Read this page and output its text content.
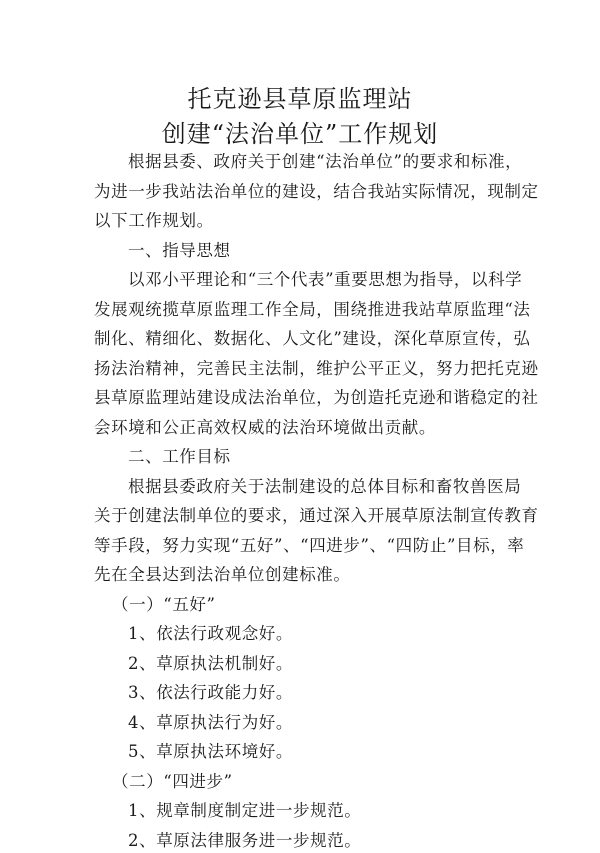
托克逊县草原监理站
创建“法治单位”工作规划
根据县委、政府关于创建“法治单位”的要求和标准，
为进一步我站法治单位的建设，结合我站实际情况，现制定
以下工作规划。
一、指导思想
以邓小平理论和“三个代表”重要思想为指导，以科学
发展观统揽草原监理工作全局，围绕推进我站草原监理“法
制化、精细化、数据化、人文化”建设，深化草原宣传，弘
扬法治精神，完善民主法制，维护公平正义，努力把托克逊
县草原监理站建设成法治单位，为创造托克逊和谐稳定的社
会环境和公正高效权威的法治环境做出贡献。
二、工作目标
根据县委政府关于法制建设的总体目标和畜牧兽医局
关于创建法制单位的要求，通过深入开展草原法制宣传教育
等手段，努力实现“五好”、“四进步”、“四防止”目标，率
先在全县达到法治单位创建标准。
（一）“五好”
1、依法行政观念好。
2、草原执法机制好。
3、依法行政能力好。
4、草原执法行为好。
5、草原执法环境好。
（二）“四进步”
1、规章制度制定进一步规范。
2、草原法律服务进一步规范。
